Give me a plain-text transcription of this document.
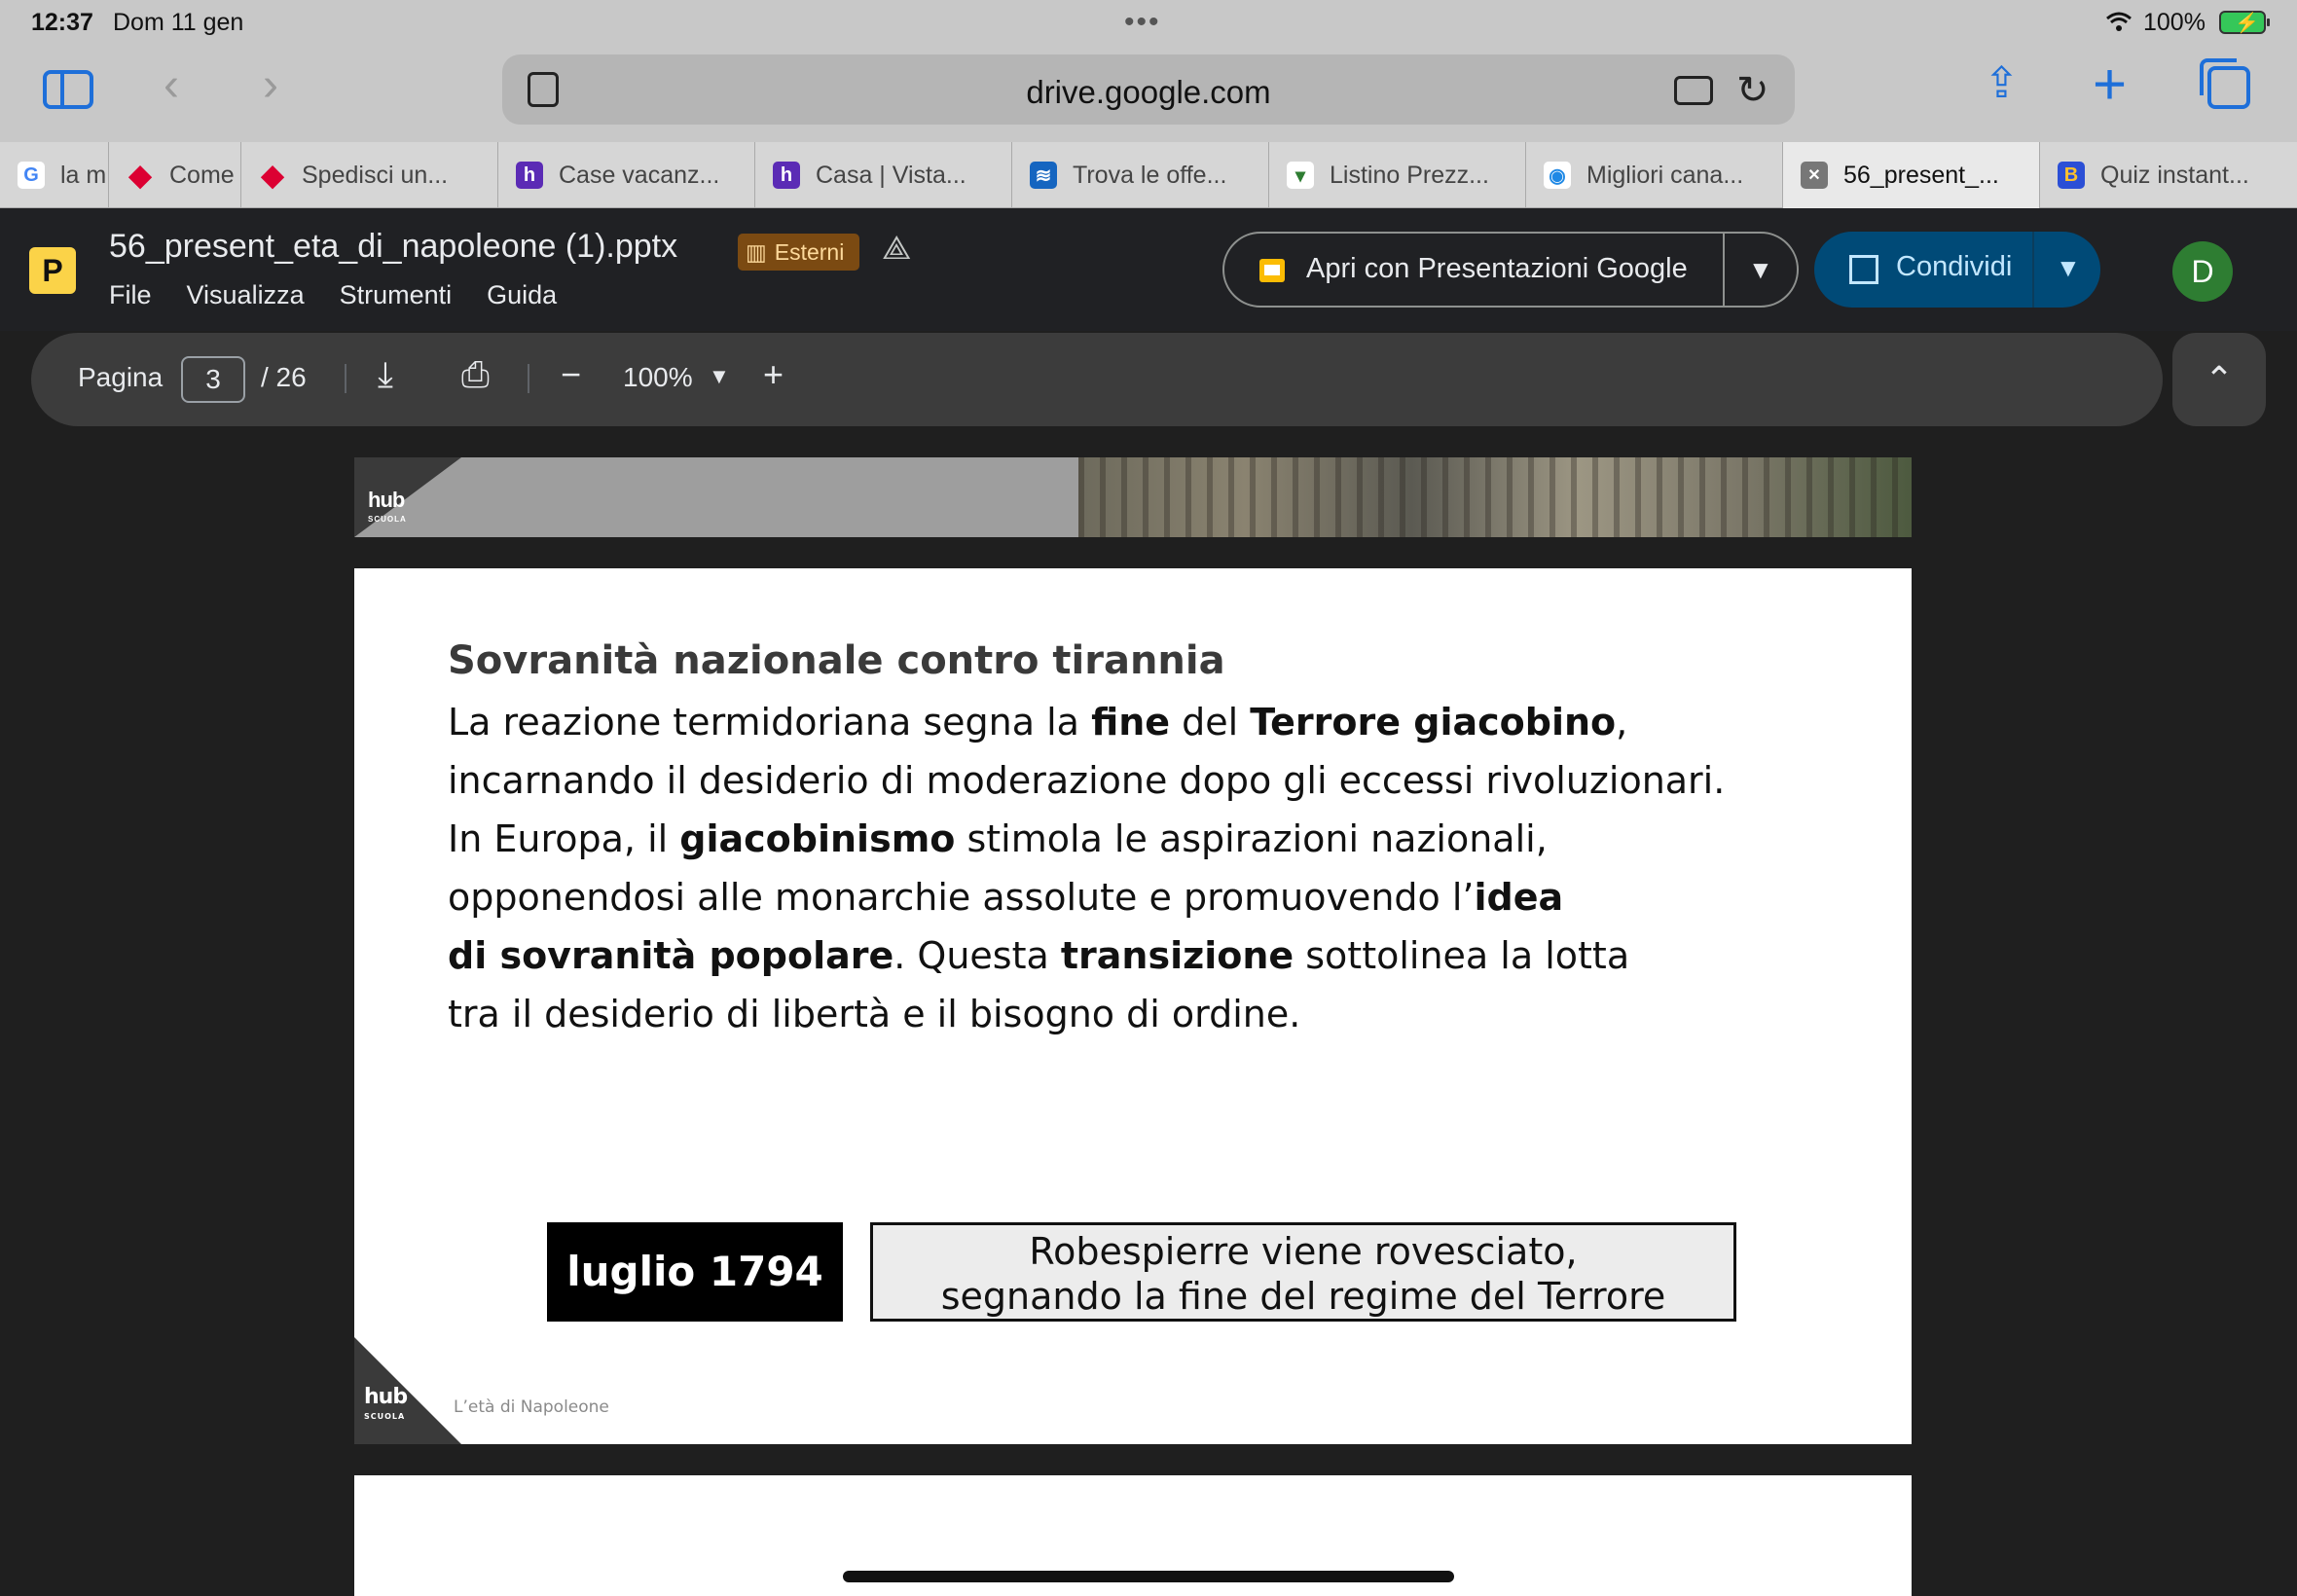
12:37 Dom 11 gen	•••	100% ⚡
‹ ›	drive.google.com	↻	⇪ +
G la m ◆ Come ◆ Spedisci un...	h Case vacanz...	h Casa | Vista...	≋ Trova le offe...	▾ Listino Prezz...	◉ Migliori cana...	✕ 56_present_...	B Quiz instant...
P
56_present_eta_di_napoleone (1).pptx	▥ Esterni	⟁
File Visualizza Strumenti Guida
Apri con Presentazioni Google ▼	Condividi ▼	D
Pagina	3	/ 26 ⤓ ⎙ − 100% ▼ +	⌃
hub
SCUOLA
Sovranità nazionale contro tirannia
La reazione termidoriana segna la fine del Terrore giacobino,
incarnando il desiderio di moderazione dopo gli eccessi rivoluzionari.
In Europa, il giacobinismo stimola le aspirazioni nazionali,
opponendosi alle monarchie assolute e promuovendo l’idea
di sovranità popolare. Questa transizione sottolinea la lotta
tra il desiderio di libertà e il bisogno di ordine.
luglio 1794	Robespierre viene rovesciato,
segnando la fine del regime del Terrore
hub
SCUOLA	L’età di Napoleone
